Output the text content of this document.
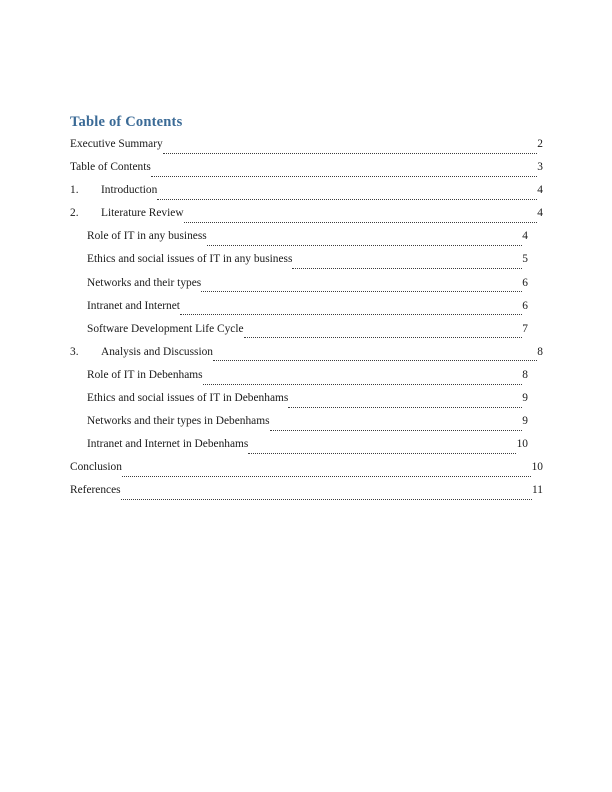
Table of Contents
Executive Summary	2
Table of Contents	3
1.	Introduction	4
2.	Literature Review	4
Role of IT in any business	4
Ethics and social issues of IT in any business	5
Networks and their types	6
Intranet and Internet	6
Software Development Life Cycle	7
3.	Analysis and Discussion	8
Role of IT in Debenhams	8
Ethics and social issues of IT in Debenhams	9
Networks and their types in Debenhams	9
Intranet and Internet in Debenhams	10
Conclusion	10
References	11
